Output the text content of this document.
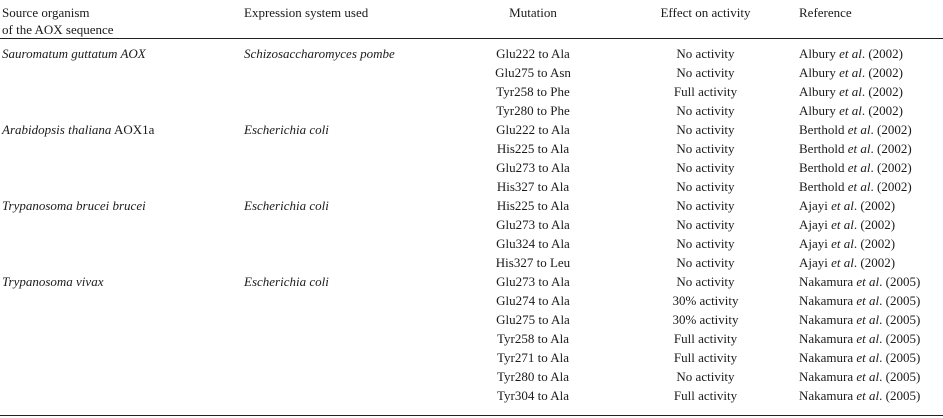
Source organism
of the AOX sequence	Expression system used	Mutation	Effect on activity	Reference
Sauromatum guttatum AOX	Schizosaccharomyces pombe	Glu222 to Ala	No activity	Albury et al. (2002)
		Glu275 to Asn	No activity	Albury et al. (2002)
		Tyr258 to Phe	Full activity	Albury et al. (2002)
		Tyr280 to Phe	No activity	Albury et al. (2002)
Arabidopsis thaliana AOX1a	Escherichia coli	Glu222 to Ala	No activity	Berthold et al. (2002)
		His225 to Ala	No activity	Berthold et al. (2002)
		Glu273 to Ala	No activity	Berthold et al. (2002)
		His327 to Ala	No activity	Berthold et al. (2002)
Trypanosoma brucei brucei	Escherichia coli	His225 to Ala	No activity	Ajayi et al. (2002)
		Glu273 to Ala	No activity	Ajayi et al. (2002)
		Glu324 to Ala	No activity	Ajayi et al. (2002)
		His327 to Leu	No activity	Ajayi et al. (2002)
Trypanosoma vivax	Escherichia coli	Glu273 to Ala	No activity	Nakamura et al. (2005)
		Glu274 to Ala	30% activity	Nakamura et al. (2005)
		Glu275 to Ala	30% activity	Nakamura et al. (2005)
		Tyr258 to Ala	Full activity	Nakamura et al. (2005)
		Tyr271 to Ala	Full activity	Nakamura et al. (2005)
		Tyr280 to Ala	No activity	Nakamura et al. (2005)
		Tyr304 to Ala	Full activity	Nakamura et al. (2005)
